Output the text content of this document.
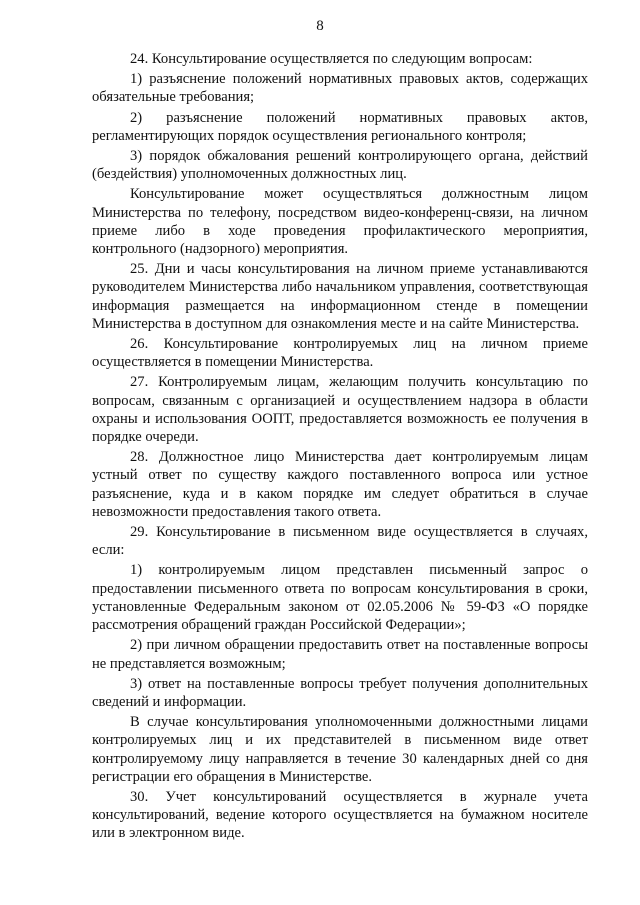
8

24. Консультирование осуществляется по следующим вопросам:

1) разъяснение положений нормативных правовых актов, содержащих обязательные требования;

2) разъяснение положений нормативных правовых актов, регламентирующих порядок осуществления регионального контроля;

3) порядок обжалования решений контролирующего органа, действий (бездействия) уполномоченных должностных лиц.

Консультирование может осуществляться должностным лицом Министерства по телефону, посредством видео-конференц-связи, на личном приеме либо в ходе проведения профилактического мероприятия, контрольного (надзорного) мероприятия.

25. Дни и часы консультирования на личном приеме устанавливаются руководителем Министерства либо начальником управления, соответствующая информация размещается на информационном стенде в помещении Министерства в доступном для ознакомления месте и на сайте Министерства.

26. Консультирование контролируемых лиц на личном приеме осуществляется в помещении Министерства.

27. Контролируемым лицам, желающим получить консультацию по вопросам, связанным с организацией и осуществлением надзора в области охраны и использования ООПТ, предоставляется возможность ее получения в порядке очереди.

28. Должностное лицо Министерства дает контролируемым лицам устный ответ по существу каждого поставленного вопроса или устное разъяснение, куда и в каком порядке им следует обратиться в случае невозможности предоставления такого ответа.

29. Консультирование в письменном виде осуществляется в случаях, если:

1) контролируемым лицом представлен письменный запрос о предоставлении письменного ответа по вопросам консультирования в сроки, установленные Федеральным законом от 02.05.2006 № 59-ФЗ «О порядке рассмотрения обращений граждан Российской Федерации»;

2) при личном обращении предоставить ответ на поставленные вопросы не представляется возможным;

3) ответ на поставленные вопросы требует получения дополнительных сведений и информации.

В случае консультирования уполномоченными должностными лицами контролируемых лиц и их представителей в письменном виде ответ контролируемому лицу направляется в течение 30 календарных дней со дня регистрации его обращения в Министерстве.

30. Учет консультирований осуществляется в журнале учета консультирований, ведение которого осуществляется на бумажном носителе или в электронном виде.
